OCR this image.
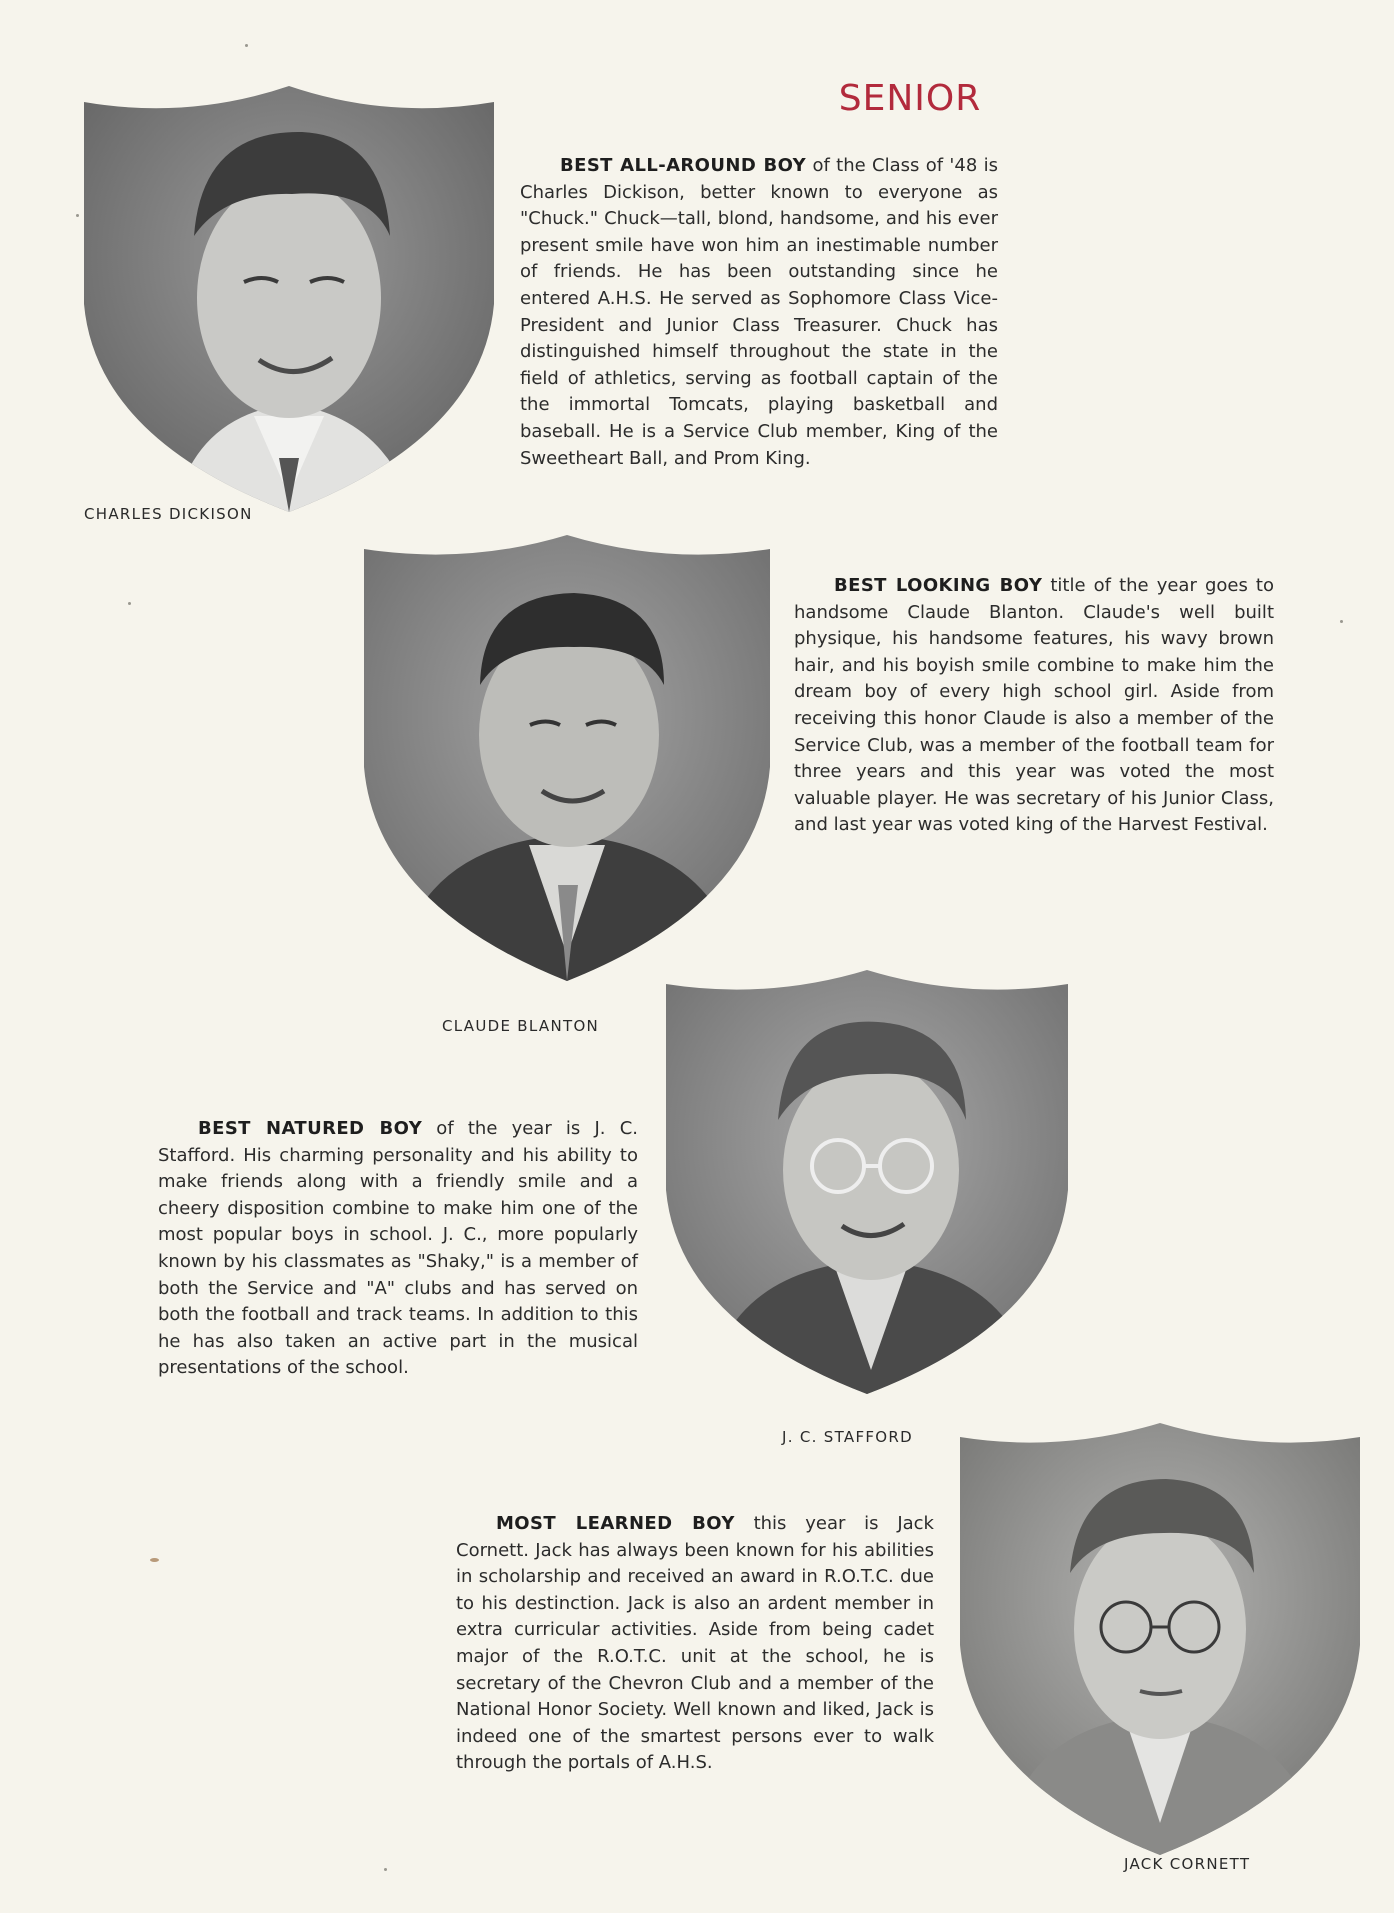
SENIOR
CHARLES DICKISON

BEST ALL-AROUND BOY of the Class of '48 is Charles Dickison, better known to everyone as "Chuck." Chuck—tall, blond, handsome, and his ever present smile have won him an inestimable number of friends. He has been outstanding since he entered A.H.S. He served as Sophomore Class Vice-President and Junior Class Treasurer. Chuck has distinguished himself throughout the state in the field of athletics, serving as football captain of the the immortal Tomcats, playing basketball and baseball. He is a Service Club member, King of the Sweetheart Ball, and Prom King.

CLAUDE BLANTON

BEST LOOKING BOY title of the year goes to handsome Claude Blanton. Claude's well built physique, his handsome features, his wavy brown hair, and his boyish smile combine to make him the dream boy of every high school girl. Aside from receiving this honor Claude is also a member of the Service Club, was a member of the football team for three years and this year was voted the most valuable player. He was secretary of his Junior Class, and last year was voted king of the Harvest Festival.

J. C. STAFFORD

BEST NATURED BOY of the year is J. C. Stafford. His charming personality and his ability to make friends along with a friendly smile and a cheery disposition combine to make him one of the most popular boys in school. J. C., more popularly known by his classmates as "Shaky," is a member of both the Service and "A" clubs and has served on both the football and track teams. In addition to this he has also taken an active part in the musical presentations of the school.

JACK CORNETT

MOST LEARNED BOY this year is Jack Cornett. Jack has always been known for his abilities in scholarship and received an award in R.O.T.C. due to his destinction. Jack is also an ardent member in extra curricular activities. Aside from being cadet major of the R.O.T.C. unit at the school, he is secretary of the Chevron Club and a member of the National Honor Society. Well known and liked, Jack is indeed one of the smartest persons ever to walk through the portals of A.H.S.
